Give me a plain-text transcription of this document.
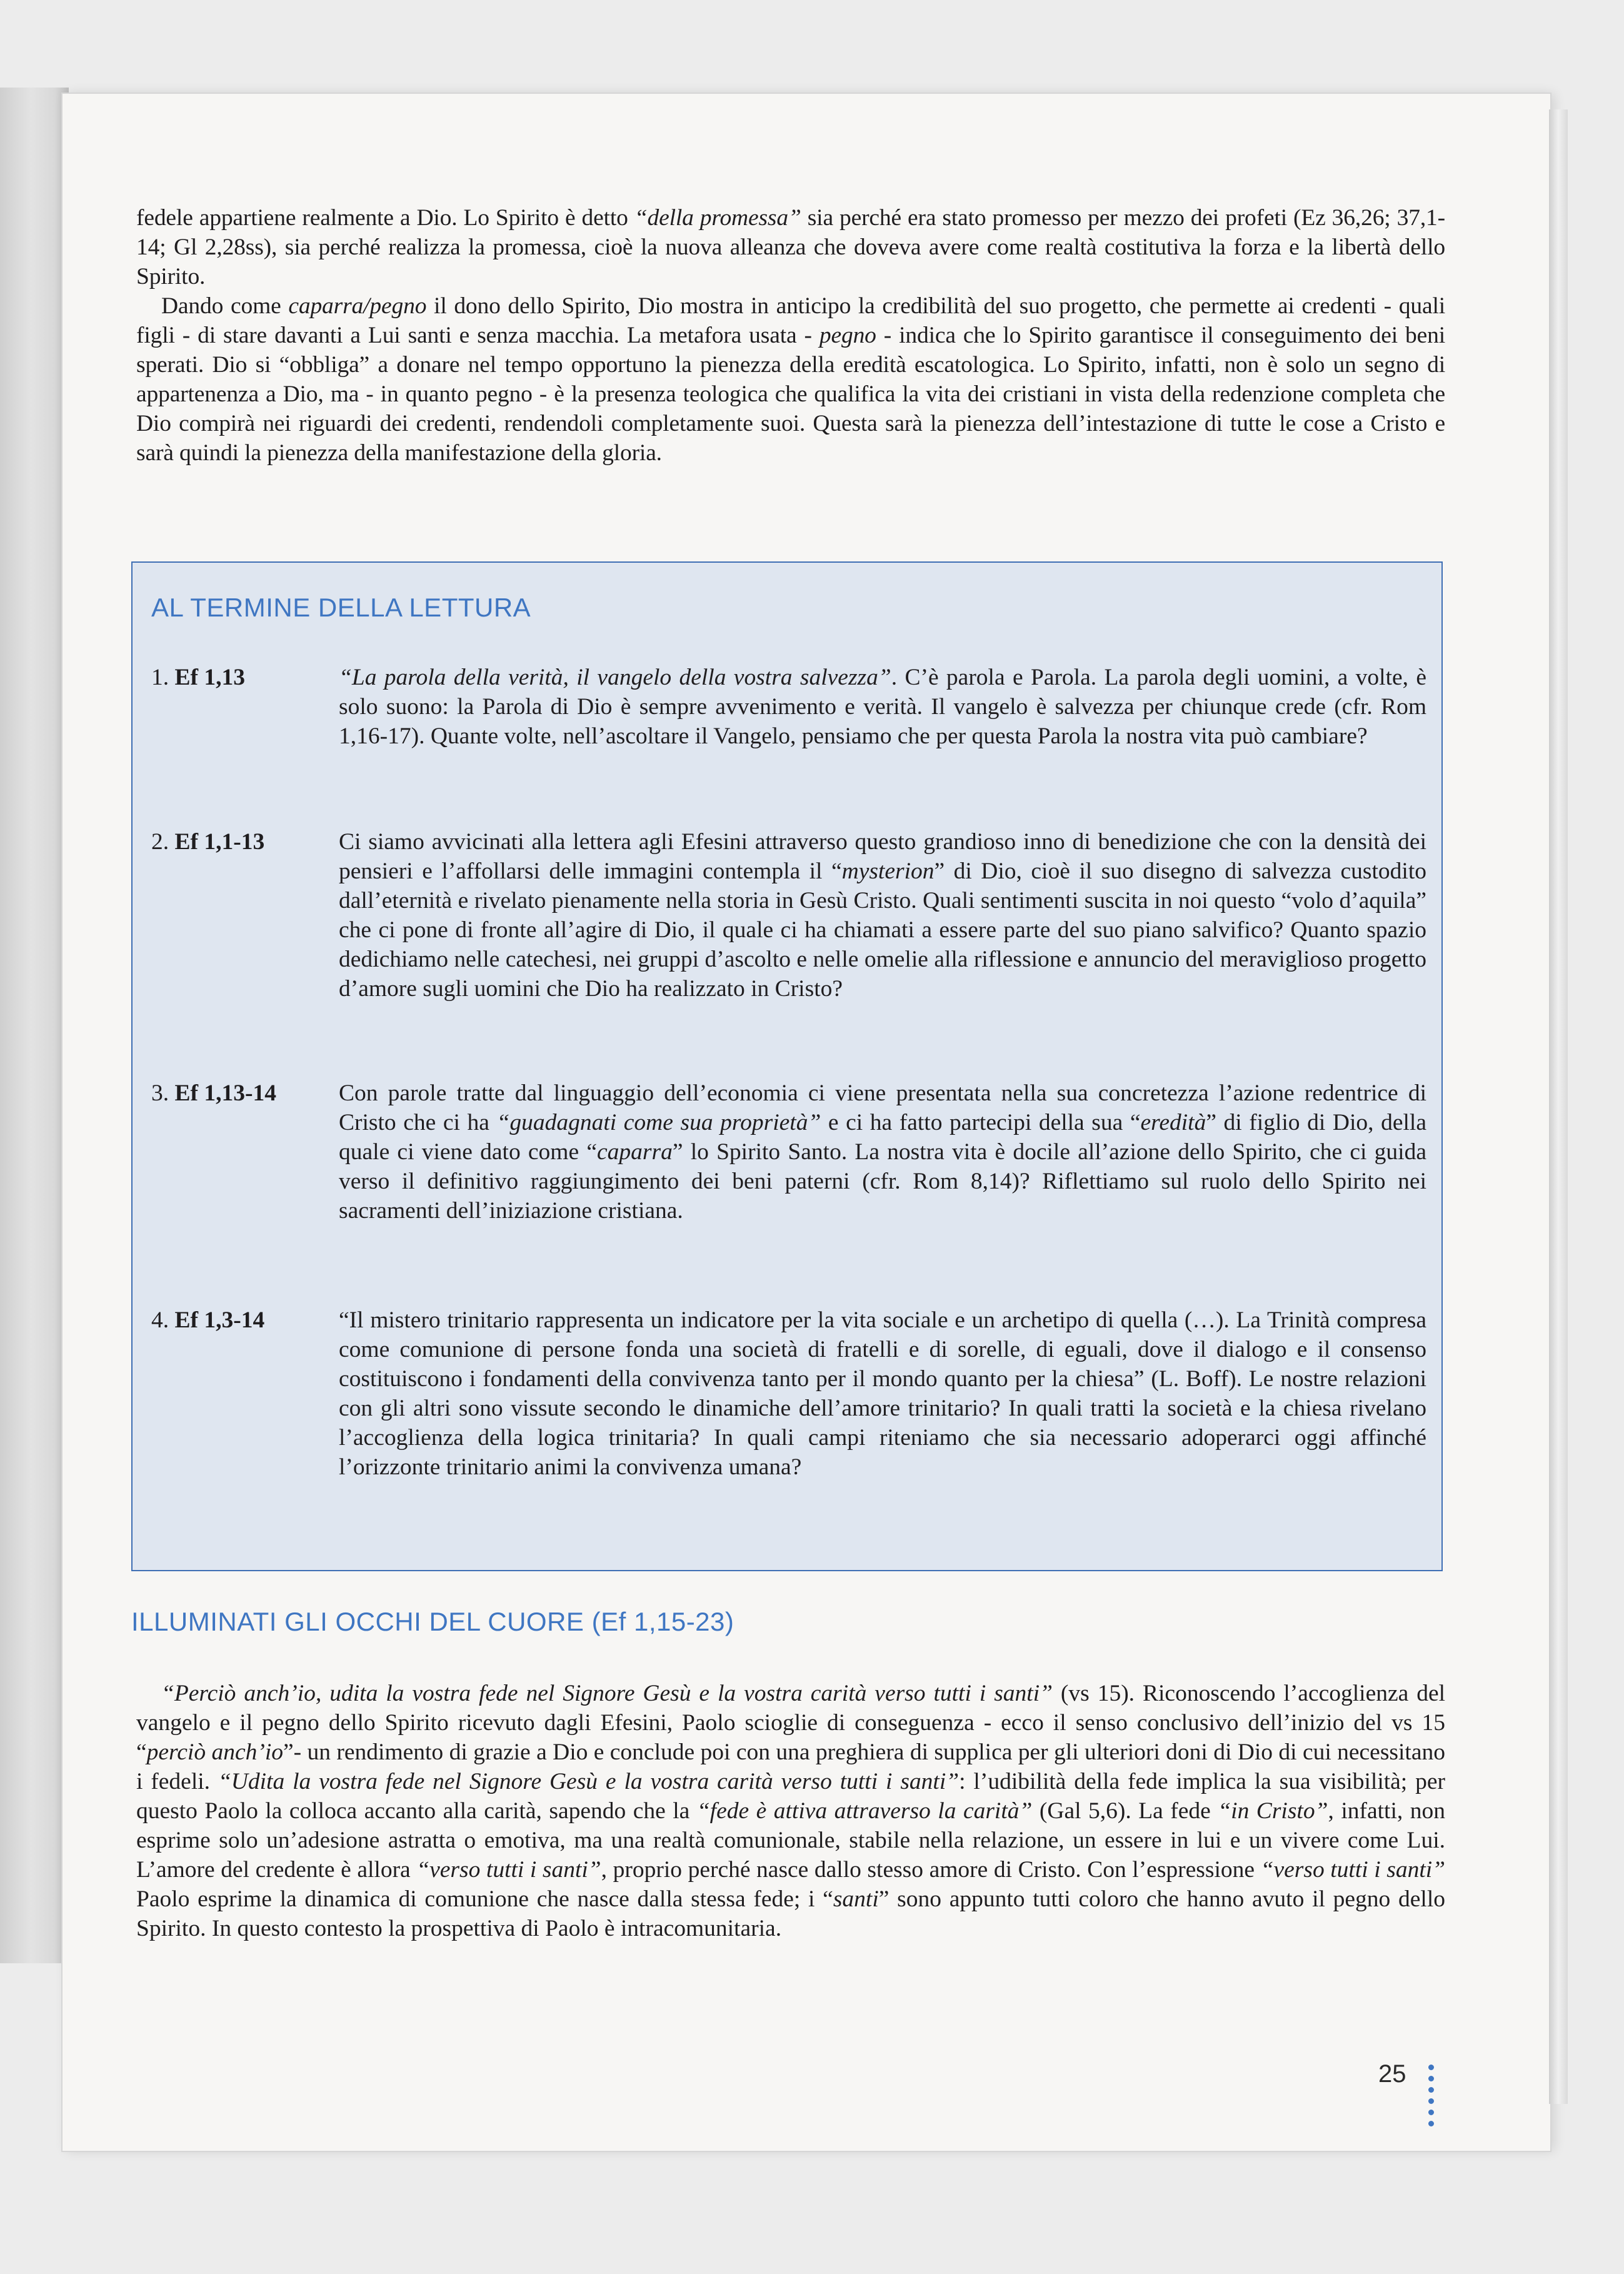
fedele appartiene realmente a Dio. Lo Spirito è detto “della promessa” sia perché era stato promesso per mezzo dei profeti (Ez 36,26; 37,1-14; Gl 2,28ss), sia perché realizza la promessa, cioè la nuova alleanza che doveva avere come realtà costitutiva la forza e la libertà dello Spirito.

Dando come caparra/pegno il dono dello Spirito, Dio mostra in anticipo la credibilità del suo progetto, che permette ai credenti - quali figli - di stare davanti a Lui santi e senza macchia. La metafora usata - pegno - indica che lo Spirito garantisce il conseguimento dei beni sperati. Dio si “obbliga” a donare nel tempo opportuno la pienezza della eredità escatologica. Lo Spirito, infatti, non è solo un segno di appartenenza a Dio, ma - in quanto pegno - è la presenza teologica che qualifica la vita dei cristiani in vista della redenzione completa che Dio compirà nei riguardi dei credenti, rendendoli completamente suoi. Questa sarà la pienezza dell’intestazione di tutte le cose a Cristo e sarà quindi la pienezza della manifestazione della gloria.

AL TERMINE DELLA LETTURA
1. Ef 1,13	“La parola della verità, il vangelo della vostra salvezza”. C’è parola e Parola. La parola degli uomini, a volte, è solo suono: la Parola di Dio è sempre avvenimento e verità. Il vangelo è salvezza per chiunque crede (cfr. Rom 1,16-17). Quante volte, nell’ascoltare il Vangelo, pensiamo che per questa Parola la nostra vita può cambiare?
2. Ef 1,1-13	Ci siamo avvicinati alla lettera agli Efesini attraverso questo grandioso inno di benedizione che con la densità dei pensieri e l’affollarsi delle immagini contempla il “mysterion” di Dio, cioè il suo disegno di salvezza custodito dall’eternità e rivelato pienamente nella storia in Gesù Cristo. Quali sentimenti suscita in noi questo “volo d’aquila” che ci pone di fronte all’agire di Dio, il quale ci ha chiamati a essere parte del suo piano salvifico? Quanto spazio dedichiamo nelle catechesi, nei gruppi d’ascolto e nelle omelie alla riflessione e annuncio del meraviglioso progetto d’amore sugli uomini che Dio ha realizzato in Cristo?
3. Ef 1,13-14	Con parole tratte dal linguaggio dell’economia ci viene presentata nella sua concretezza l’azione redentrice di Cristo che ci ha “guadagnati come sua proprietà” e ci ha fatto partecipi della sua “eredità” di figlio di Dio, della quale ci viene dato come “caparra” lo Spirito Santo. La nostra vita è docile all’azione dello Spirito, che ci guida verso il definitivo raggiungimento dei beni paterni (cfr. Rom 8,14)? Riflettiamo sul ruolo dello Spirito nei sacramenti dell’iniziazione cristiana.
4. Ef 1,3-14	“Il mistero trinitario rappresenta un indicatore per la vita sociale e un archetipo di quella (…). La Trinità compresa come comunione di persone fonda una società di fratelli e di sorelle, di eguali, dove il dialogo e il consenso costituiscono i fondamenti della convivenza tanto per il mondo quanto per la chiesa” (L. Boff). Le nostre relazioni con gli altri sono vissute secondo le dinamiche dell’amore trinitario? In quali tratti la società e la chiesa rivelano l’accoglienza della logica trinitaria? In quali campi riteniamo che sia necessario adoperarci oggi affinché l’orizzonte trinitario animi la convivenza umana?
ILLUMINATI GLI OCCHI DEL CUORE (Ef 1,15-23)

“Perciò anch’io, udita la vostra fede nel Signore Gesù e la vostra carità verso tutti i santi” (vs 15). Riconoscendo l’accoglienza del vangelo e il pegno dello Spirito ricevuto dagli Efesini, Paolo scioglie di conseguenza - ecco il senso conclusivo dell’inizio del vs 15 “perciò anch’io”- un rendimento di grazie a Dio e conclude poi con una preghiera di supplica per gli ulteriori doni di Dio di cui necessitano i fedeli. “Udita la vostra fede nel Signore Gesù e la vostra carità verso tutti i santi”: l’udibilità della fede implica la sua visibilità; per questo Paolo la colloca accanto alla carità, sapendo che la “fede è attiva attraverso la carità” (Gal 5,6). La fede “in Cristo”, infatti, non esprime solo un’adesione astratta o emotiva, ma una realtà comunionale, stabile nella relazione, un essere in lui e un vivere come Lui. L’amore del credente è allora “verso tutti i santi”, proprio perché nasce dallo stesso amore di Cristo. Con l’espressione “verso tutti i santi” Paolo esprime la dinamica di comunione che nasce dalla stessa fede; i “santi” sono appunto tutti coloro che hanno avuto il pegno dello Spirito. In questo contesto la prospettiva di Paolo è intracomunitaria.

25
